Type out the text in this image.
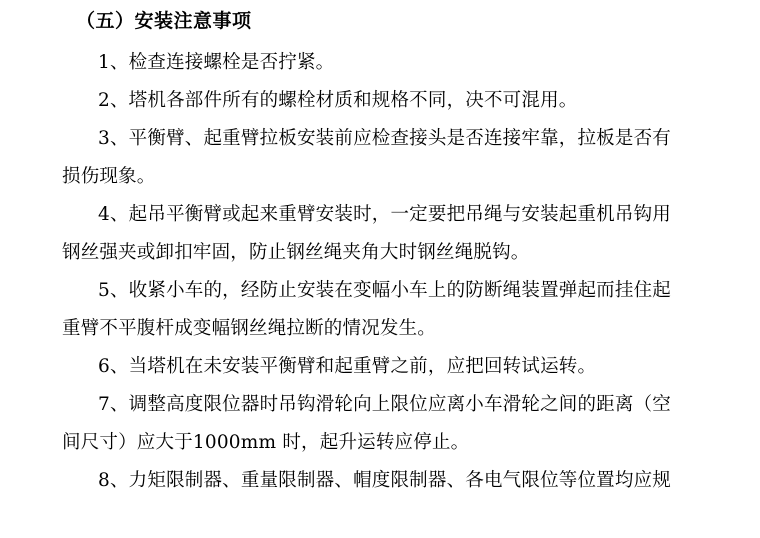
（五）安装注意事项

1、检查连接螺栓是否拧紧。

2、塔机各部件所有的螺栓材质和规格不同，决不可混用。

3、平衡臂、起重臂拉板安装前应检查接头是否连接牢靠，拉板是否有

损伤现象。

4、起吊平衡臂或起来重臂安装时，一定要把吊绳与安装起重机吊钩用

钢丝强夹或卸扣牢固，防止钢丝绳夹角大时钢丝绳脱钩。

5、收紧小车的，经防止安装在变幅小车上的防断绳装置弹起而挂住起

重臂不平腹杆成变幅钢丝绳拉断的情况发生。

6、当塔机在未安装平衡臂和起重臂之前，应把回转试运转。

7、调整高度限位器时吊钩滑轮向上限位应离小车滑轮之间的距离（空

间尺寸）应大于1000mm 时，起升运转应停止。

8、力矩限制器、重量限制器、帽度限制器、各电气限位等位置均应规
